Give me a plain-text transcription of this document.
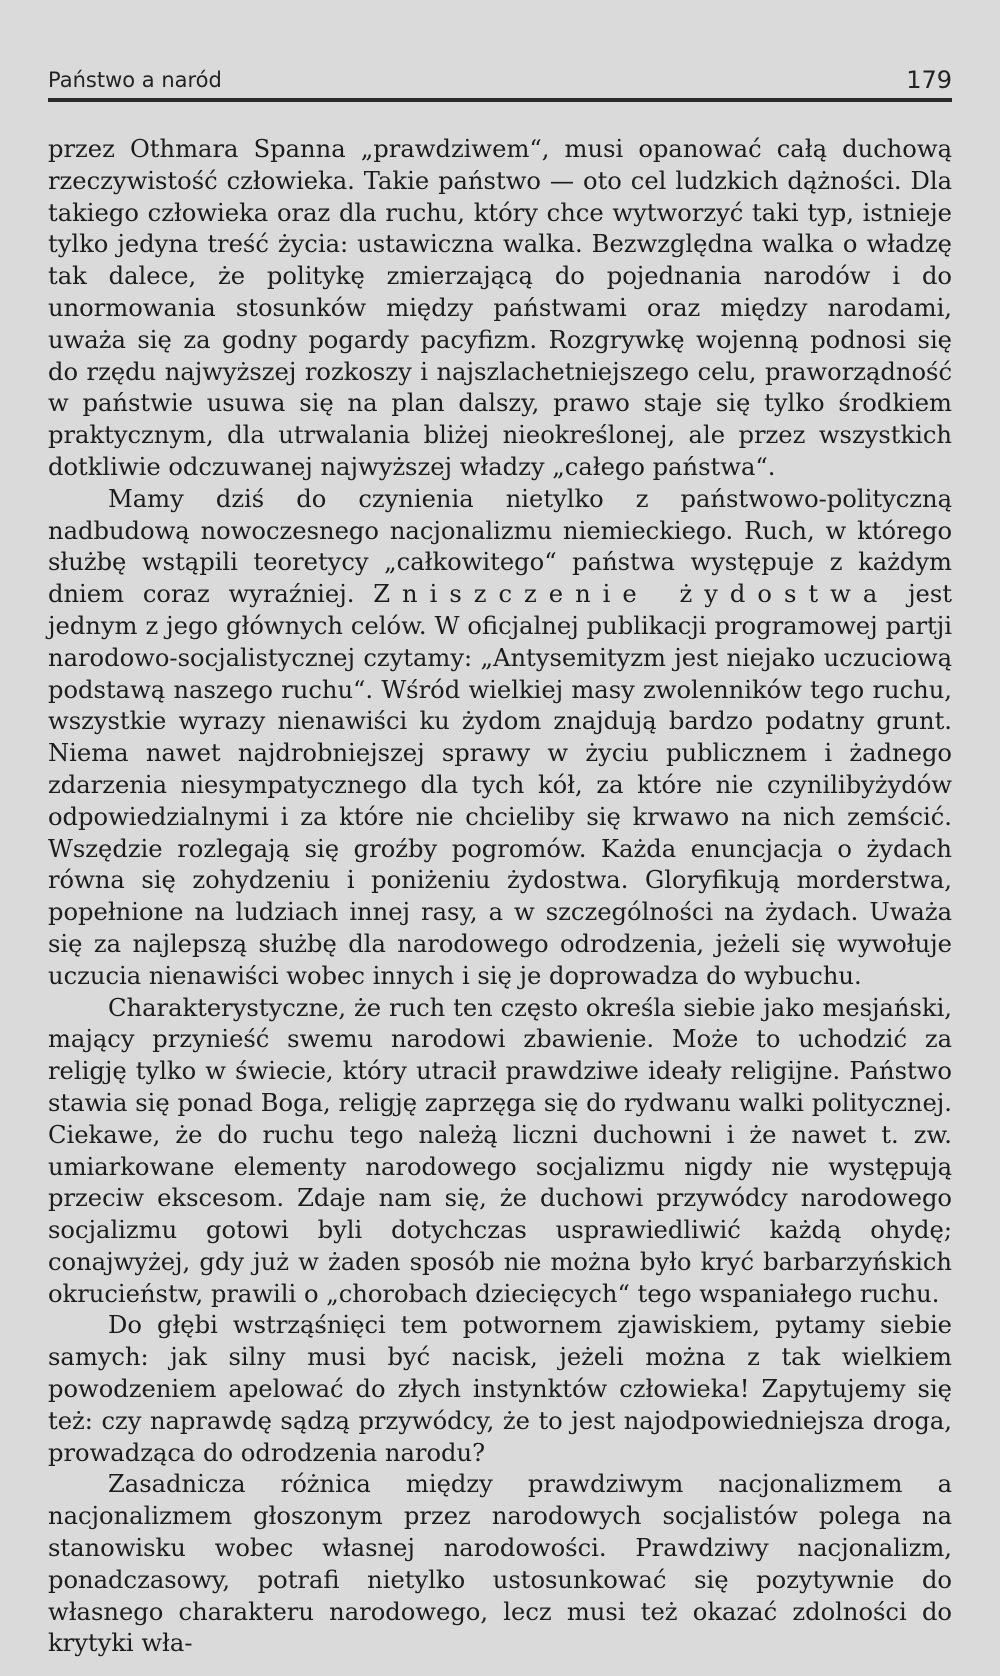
Państwo a naród	179

przez Othmara Spanna „prawdziwem“, musi opanować całą duchową rzeczywistość człowieka. Takie państwo — oto cel ludzkich dążności. Dla takiego człowieka oraz dla ruchu, który chce wytworzyć taki typ, istnieje tylko jedyna treść życia: ustawiczna walka. Bezwzględna walka o władzę tak dalece, że politykę zmierzającą do pojednania narodów i do unormowania stosunków między państwami oraz między narodami, uważa się za godny pogardy pacyfizm. Rozgrywkę wojenną podnosi się do rzędu najwyższej rozkoszy i najszlachetniejszego celu, praworządność w państwie usuwa się na plan dalszy, prawo staje się tylko środkiem praktycznym, dla utrwalania bliżej nieokreślonej, ale przez wszystkich dotkliwie odczuwanej najwyższej władzy „całego państwa“.

Mamy dziś do czynienia nietylko z państwowo-polityczną nadbudową nowoczesnego nacjonalizmu niemieckiego. Ruch, w którego służbę wstąpili teoretycy „całkowitego“ państwa występuje z każdym dniem coraz wyraźniej. Zniszczenie żydostwa jest jednym z jego głównych celów. W oficjalnej publikacji programowej partji narodowo-socjalistycznej czytamy: „Antysemityzm jest niejako uczuciową podstawą naszego ruchu“. Wśród wielkiej masy zwolenników tego ruchu, wszystkie wyrazy nienawiści ku żydom znajdują bardzo podatny grunt. Niema nawet najdrobniejszej sprawy w życiu publicznem i żadnego zdarzenia niesympatycznego dla tych kół, za które nie czynilibyżydów odpowiedzialnymi i za które nie chcieliby się krwawo na nich zemścić. Wszędzie rozlegają się groźby pogromów. Każda enuncjacja o żydach równa się zohydzeniu i poniżeniu żydostwa. Gloryfikują morderstwa, popełnione na ludziach innej rasy, a w szczególności na żydach. Uważa się za najlepszą służbę dla narodowego odrodzenia, jeżeli się wywołuje uczucia nienawiści wobec innych i się je doprowadza do wybuchu.

Charakterystyczne, że ruch ten często określa siebie jako mesjański, mający przynieść swemu narodowi zbawienie. Może to uchodzić za religję tylko w świecie, który utracił prawdziwe ideały religijne. Państwo stawia się ponad Boga, religję zaprzęga się do rydwanu walki politycznej. Ciekawe, że do ruchu tego należą liczni duchowni i że nawet t. zw. umiarkowane elementy narodowego socjalizmu nigdy nie występują przeciw ekscesom. Zdaje nam się, że duchowi przywódcy narodowego socjalizmu gotowi byli dotychczas usprawiedliwić każdą ohydę; conajwyżej, gdy już w żaden sposób nie można było kryć barbarzyńskich okrucieństw, prawili o „chorobach dziecięcych“ tego wspaniałego ruchu.

Do głębi wstrząśnięci tem potwornem zjawiskiem, pytamy siebie samych: jak silny musi być nacisk, jeżeli można z tak wielkiem powodzeniem apelować do złych instynktów człowieka! Zapytujemy się też: czy naprawdę sądzą przywódcy, że to jest najodpowiedniejsza droga, prowadząca do odrodzenia narodu?

Zasadnicza różnica między prawdziwym nacjonalizmem a nacjonalizmem głoszonym przez narodowych socjalistów polega na stanowisku wobec własnej narodowości. Prawdziwy nacjonalizm, ponadczasowy, potrafi nietylko ustosunkować się pozytywnie do własnego charakteru narodowego, lecz musi też okazać zdolności do krytyki wła-
